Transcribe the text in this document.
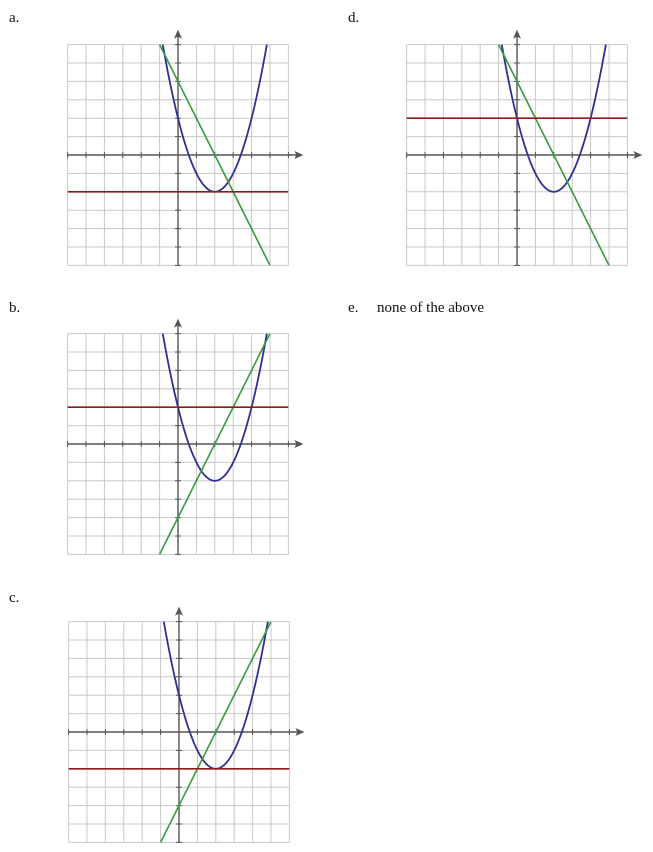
a.
b.
c.
d.
e. none of the above
